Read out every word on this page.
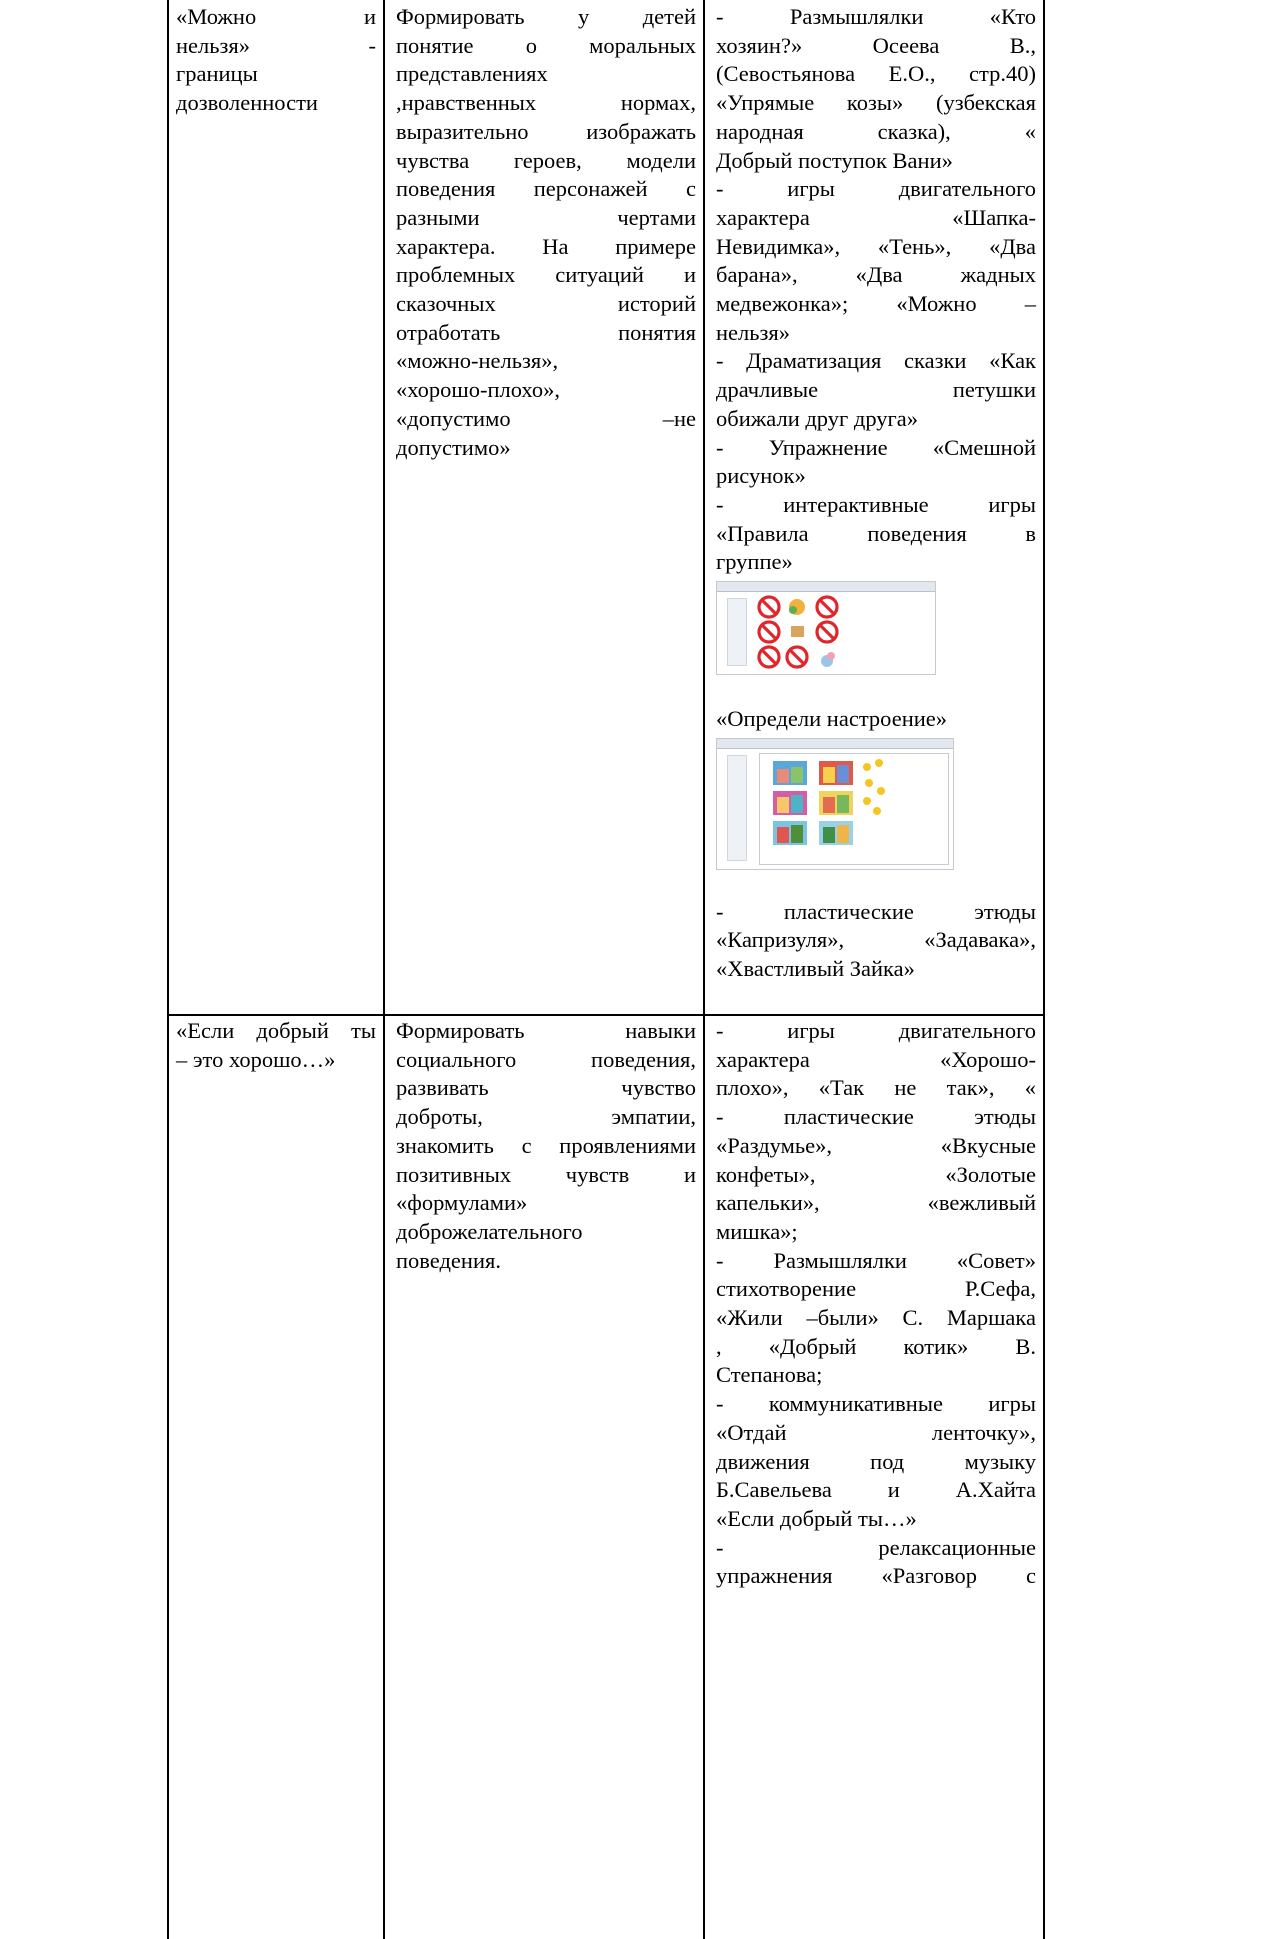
«Можно и

нельзя» -

границы

дозволенности

Формировать у детей

понятие о моральных

представлениях

,нравственных нормах,

выразительно изображать

чувства героев, модели

поведения персонажей с

разными чертами

характера. На примере

проблемных ситуаций и

сказочных историй

отработать понятия

«можно-нельзя»,

«хорошо-плохо»,

«допустимо –не

допустимо»

- Размышлялки «Кто

хозяин?» Осеева В.,

(Севостьянова Е.О., стр.40)

«Упрямые козы» (узбекская

народная сказка), «

Добрый поступок Вани»

- игры двигательного

характера «Шапка-

Невидимка», «Тень», «Два

барана», «Два жадных

медвежонка»; «Можно –

нельзя»

- Драматизация сказки «Как

драчливые петушки

обижали друг друга»

- Упражнение «Смешной

рисунок»

- интерактивные игры

«Правила поведения в

группе»

«Определи настроение»

- пластические этюды

«Капризуля», «Задавака»,

«Хвастливый Зайка»

«Если добрый ты

– это хорошо…»

Формировать навыки

социального поведения,

развивать чувство

доброты, эмпатии,

знакомить с проявлениями

позитивных чувств и

«формулами»

доброжелательного

поведения.

- игры двигательного

характера «Хорошо-

плохо», «Так не так», «

- пластические этюды

«Раздумье», «Вкусные

конфеты», «Золотые

капельки», «вежливый

мишка»;

- Размышлялки «Совет»

стихотворение Р.Сефа,

«Жили –были» С. Маршака

, «Добрый котик» В.

Степанова;

- коммуникативные игры

«Отдай ленточку»,

движения под музыку

Б.Савельева и А.Хайта

«Если добрый ты…»

- релаксационные

упражнения «Разговор с
